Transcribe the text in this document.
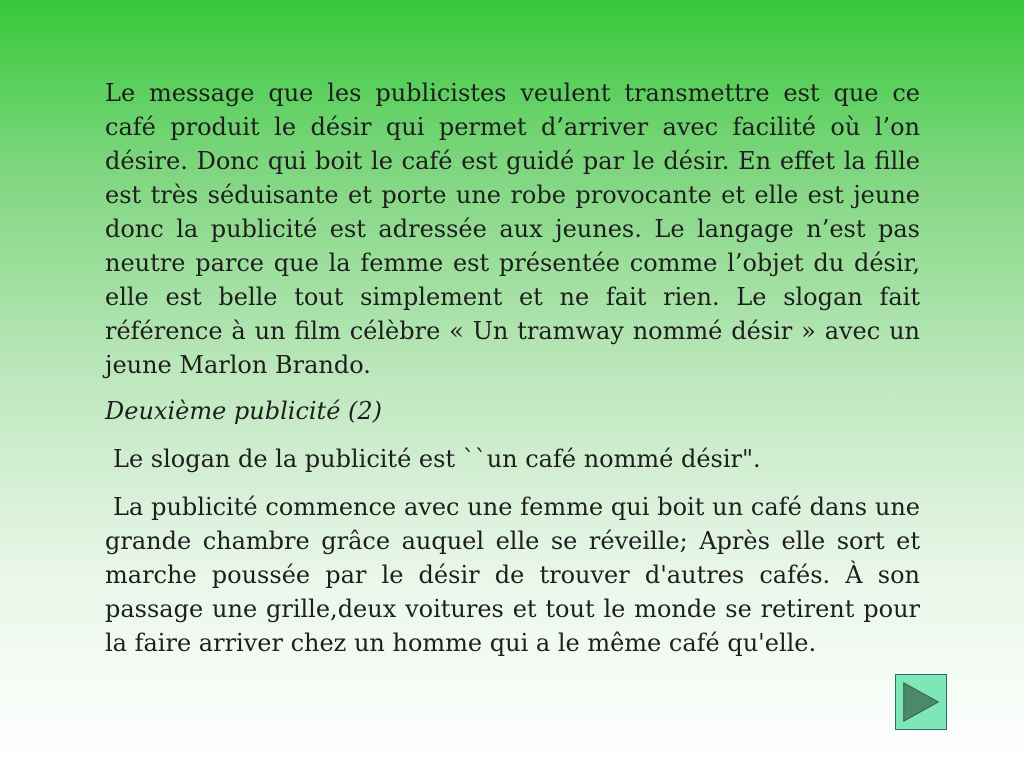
Le message que les publicistes veulent transmettre est que ce café produit le désir qui permet d’arriver avec facilité où l’on désire. Donc qui boit le café est guidé par le désir. En effet la fille est très séduisante et porte une robe provocante et elle est jeune donc la publicité est adressée aux jeunes. Le langage n’est pas neutre parce que la femme est présentée comme l’objet du désir, elle est belle tout simplement et ne fait rien. Le slogan fait référence à un film célèbre « Un tramway nommé désir » avec un jeune Marlon Brando.

Deuxième publicité (2)

Le slogan de la publicité est ``un café nommé désir".

La publicité commence avec une femme qui boit un café dans une grande chambre grâce auquel elle se réveille; Après elle sort et marche poussée par le désir de trouver d'autres cafés. À son passage une grille,deux voitures et tout le monde se retirent pour la faire arriver chez un homme qui a le même café qu'elle.
